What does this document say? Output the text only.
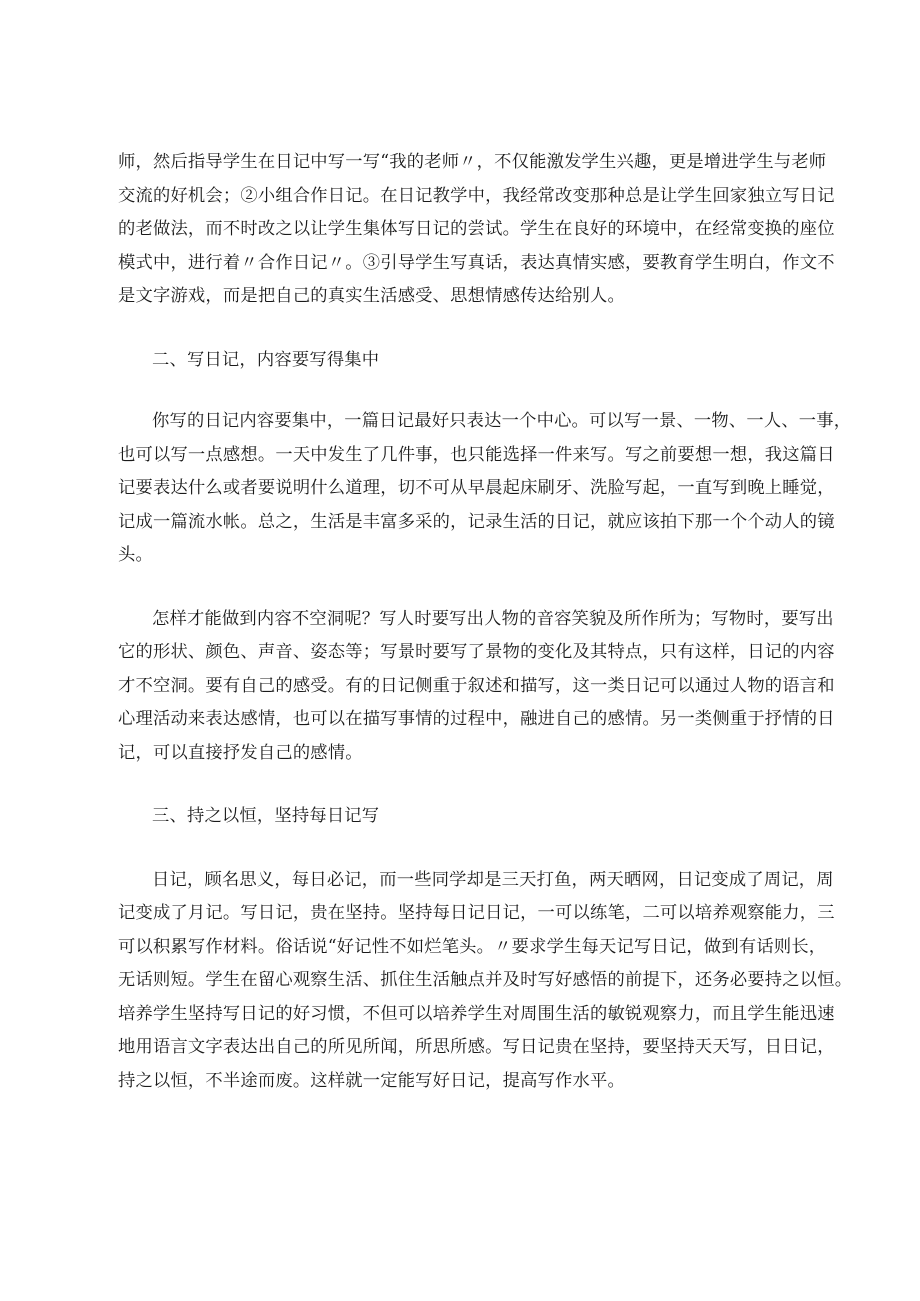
师，然后指导学生在日记中写一写“我的老师〃，不仅能激发学生兴趣，更是增进学生与老师
交流的好机会；②小组合作日记。在日记教学中，我经常改变那种总是让学生回家独立写日记
的老做法，而不时改之以让学生集体写日记的尝试。学生在良好的环境中，在经常变换的座位
模式中，进行着〃合作日记〃。③引导学生写真话，表达真情实感，要教育学生明白，作文不
是文字游戏，而是把自己的真实生活感受、思想情感传达给别人。

二、写日记，内容要写得集中

你写的日记内容要集中，一篇日记最好只表达一个中心。可以写一景、一物、一人、一事，
也可以写一点感想。一天中发生了几件事，也只能选择一件来写。写之前要想一想，我这篇日
记要表达什么或者要说明什么道理，切不可从早晨起床刷牙、洗脸写起，一直写到晚上睡觉，
记成一篇流水帐。总之，生活是丰富多采的，记录生活的日记，就应该拍下那一个个动人的镜
头。

怎样才能做到内容不空洞呢？写人时要写出人物的音容笑貌及所作所为；写物时，要写出
它的形状、颜色、声音、姿态等；写景时要写了景物的变化及其特点，只有这样，日记的内容
才不空洞。要有自己的感受。有的日记侧重于叙述和描写，这一类日记可以通过人物的语言和
心理活动来表达感情，也可以在描写事情的过程中，融进自己的感情。另一类侧重于抒情的日
记，可以直接抒发自己的感情。

三、持之以恒，坚持每日记写

日记，顾名思义，每日必记，而一些同学却是三天打鱼，两天晒网，日记变成了周记，周
记变成了月记。写日记，贵在坚持。坚持每日记日记，一可以练笔，二可以培养观察能力，三
可以积累写作材料。俗话说“好记性不如烂笔头。〃要求学生每天记写日记，做到有话则长，
无话则短。学生在留心观察生活、抓住生活触点并及时写好感悟的前提下，还务必要持之以恒。
培养学生坚持写日记的好习惯，不但可以培养学生对周围生活的敏锐观察力，而且学生能迅速
地用语言文字表达出自己的所见所闻，所思所感。写日记贵在坚持，要坚持天天写，日日记，
持之以恒，不半途而废。这样就一定能写好日记，提高写作水平。
